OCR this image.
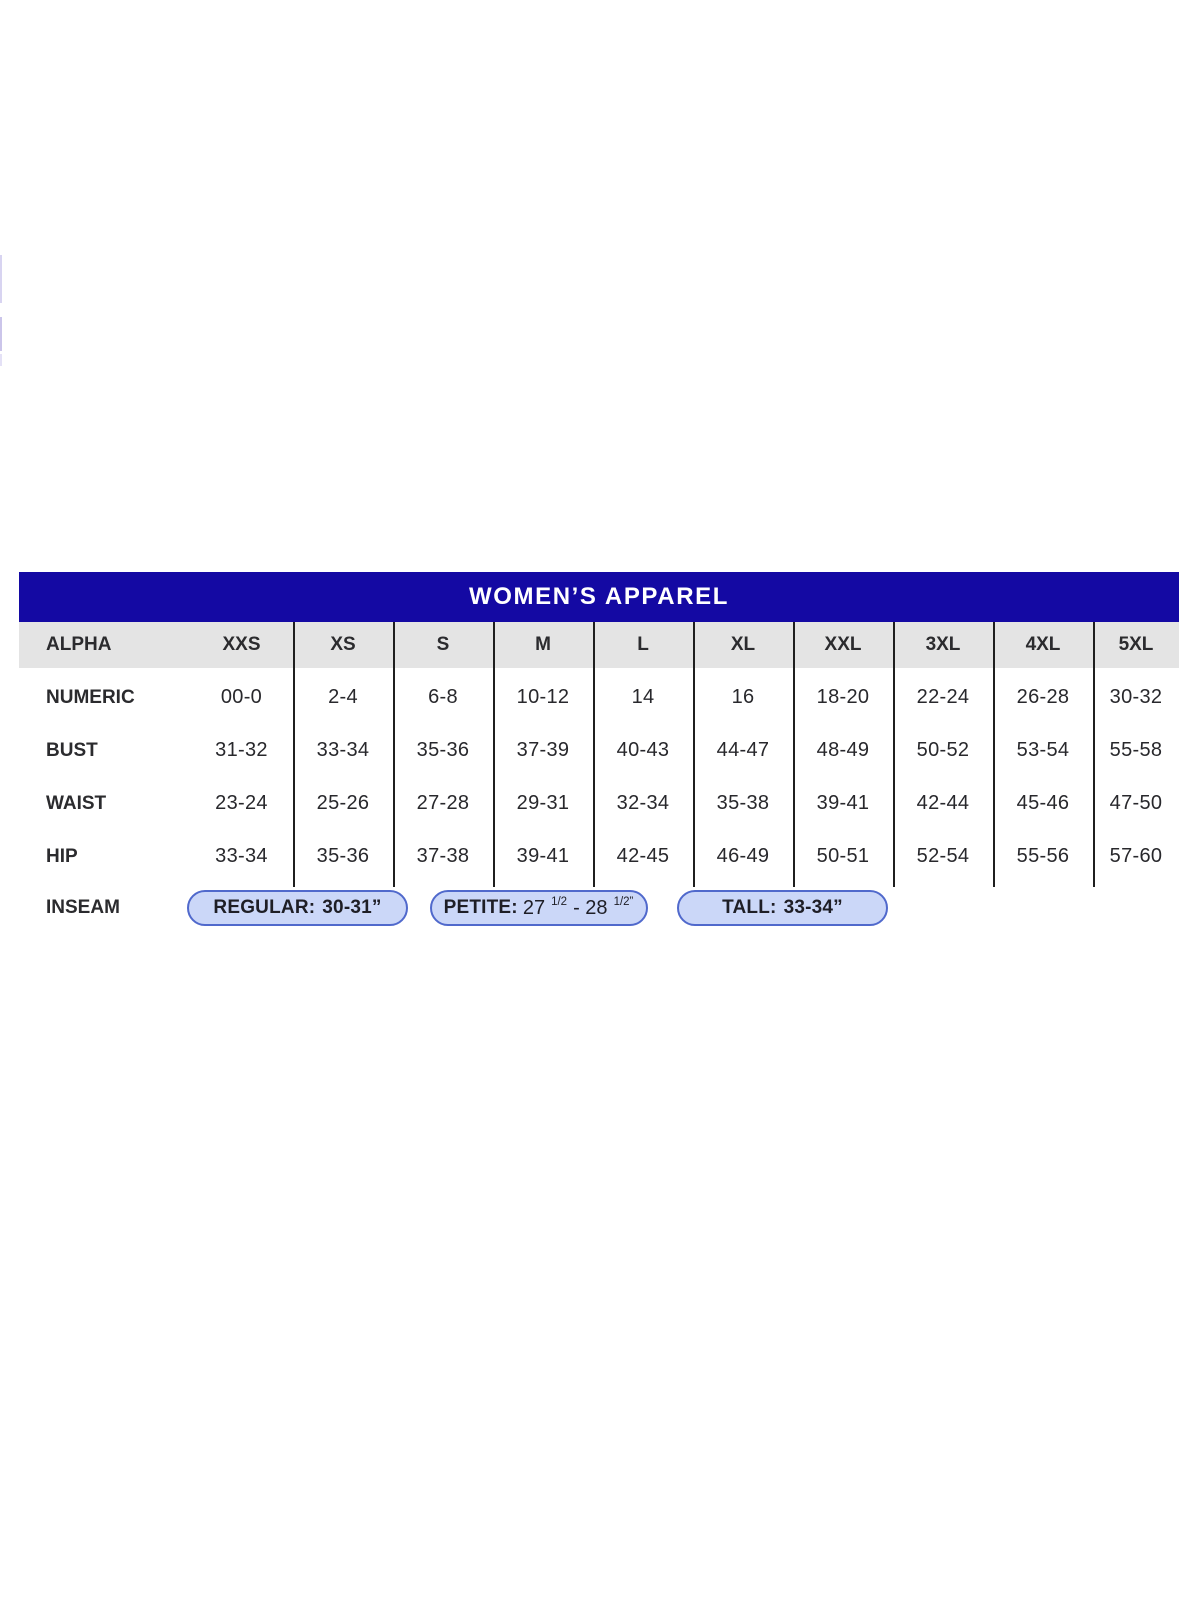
WOMEN’S APPAREL
ALPHA	XXS	XS	S	M	L	XL	XXL	3XL	4XL	5XL
NUMERIC	00-0	2-4	6-8	10-12	14	16	18-20	22-24	26-28	30-32
BUST	31-32	33-34	35-36	37-39	40-43	44-47	48-49	50-52	53-54	55-58
WAIST	23-24	25-26	27-28	29-31	32-34	35-38	39-41	42-44	45-46	47-50
HIP	33-34	35-36	37-38	39-41	42-45	46-49	50-51	52-54	55-56	57-60
INSEAM	REGULAR: 30-31”	PETITE: 27 1/2 - 28 1/2”	TALL: 33-34”
